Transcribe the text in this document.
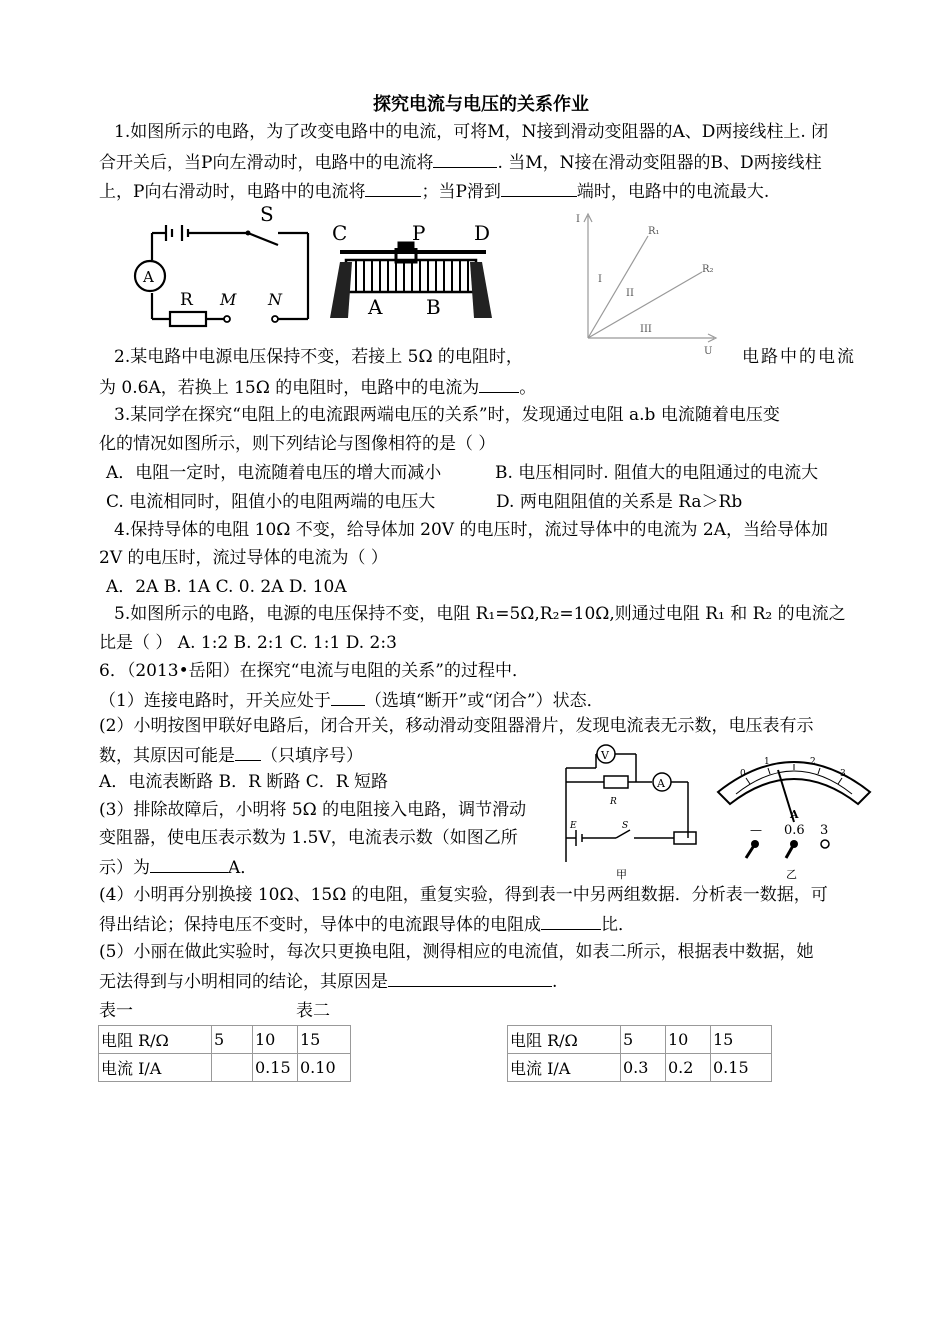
探究电流与电压的关系作业
1.如图所示的电路，为了改变电路中的电流，可将M，N接到滑动变阻器的A、D两接线柱上. 闭
合开关后，当P向左滑动时，电路中的电流将	. 当M，N接在滑动变阻器的B、D两接线柱
上，P向右滑动时，电路中的电流将	；当P滑到	端时，电路中的电流最大.
A
S
R M N
C	P D
A B
I
U
R₁
R₂
I
II
III
2.某电路中电源电压保持不变，若接上 5Ω 的电阻时，	电路中的电流
为 0.6A，若换上 15Ω 的电阻时，电路中的电流为 。
3.某同学在探究“电阻上的电流跟两端电压的关系”时，发现通过电阻 a.b 电流随着电压变
化的情况如图所示，则下列结论与图像相符的是（ ）
A．电阻一定时，电流随着电压的增大而减小	B. 电压相同时. 阻值大的电阻通过的电流大
C. 电流相同时，阻值小的电阻两端的电压大	D. 两电阻阻值的关系是 Ra＞Rb
4.保持导体的电阻 10Ω 不变，给导体加 20V 的电压时，流过导体中的电流为 2A，当给导体加
2V 的电压时，流过导体的电流为（ ）
A．2A B. 1A C. 0. 2A D. 10A
5.如图所示的电路，电源的电压保持不变，电阻 R₁=5Ω,R₂=10Ω,则通过电阻 R₁ 和 R₂ 的电流之
比是（ ） A. 1:2 B. 2:1 C. 1:1 D. 2:3
6．（2013•岳阳）在探究“电流与电阻的关系”的过程中．
（1）连接电路时，开关应处于 （选填“断开”或“闭合”）状态．
(2）小明按图甲联好电路后，闭合开关，移动滑动变阻器滑片，发现电流表无示数，电压表有示
数，其原因可能是 （只填序号）
A．电流表断路 B．R 断路 C．R 短路
(3）排除故障后，小明将 5Ω 的电阻接入电路，调节滑动
变阻器，使电压表示数为 1.5V，电流表示数（如图乙所
示）为	A．
(4）小明再分别换接 10Ω、15Ω 的电阻，重复实验，得到表一中另两组数据．分析表一数据，可
得出结论；保持电压不变时，导体中的电流跟导体的电阻成	比．
(5）小丽在做此实验时，每次只更换电阻，测得相应的电流值，如表二所示，根据表中数据，她
无法得到与小明相同的结论，其原因是	.
V
A
R
E	S
甲
0
1	2
3
A
— 0.6 3
乙
表一	表二
电阻 R/Ω	5	10	15
电流 I/A		0.15	0.10
电阻 R/Ω	5	10	15
电流 I/A	0.3	0.2	0.15
